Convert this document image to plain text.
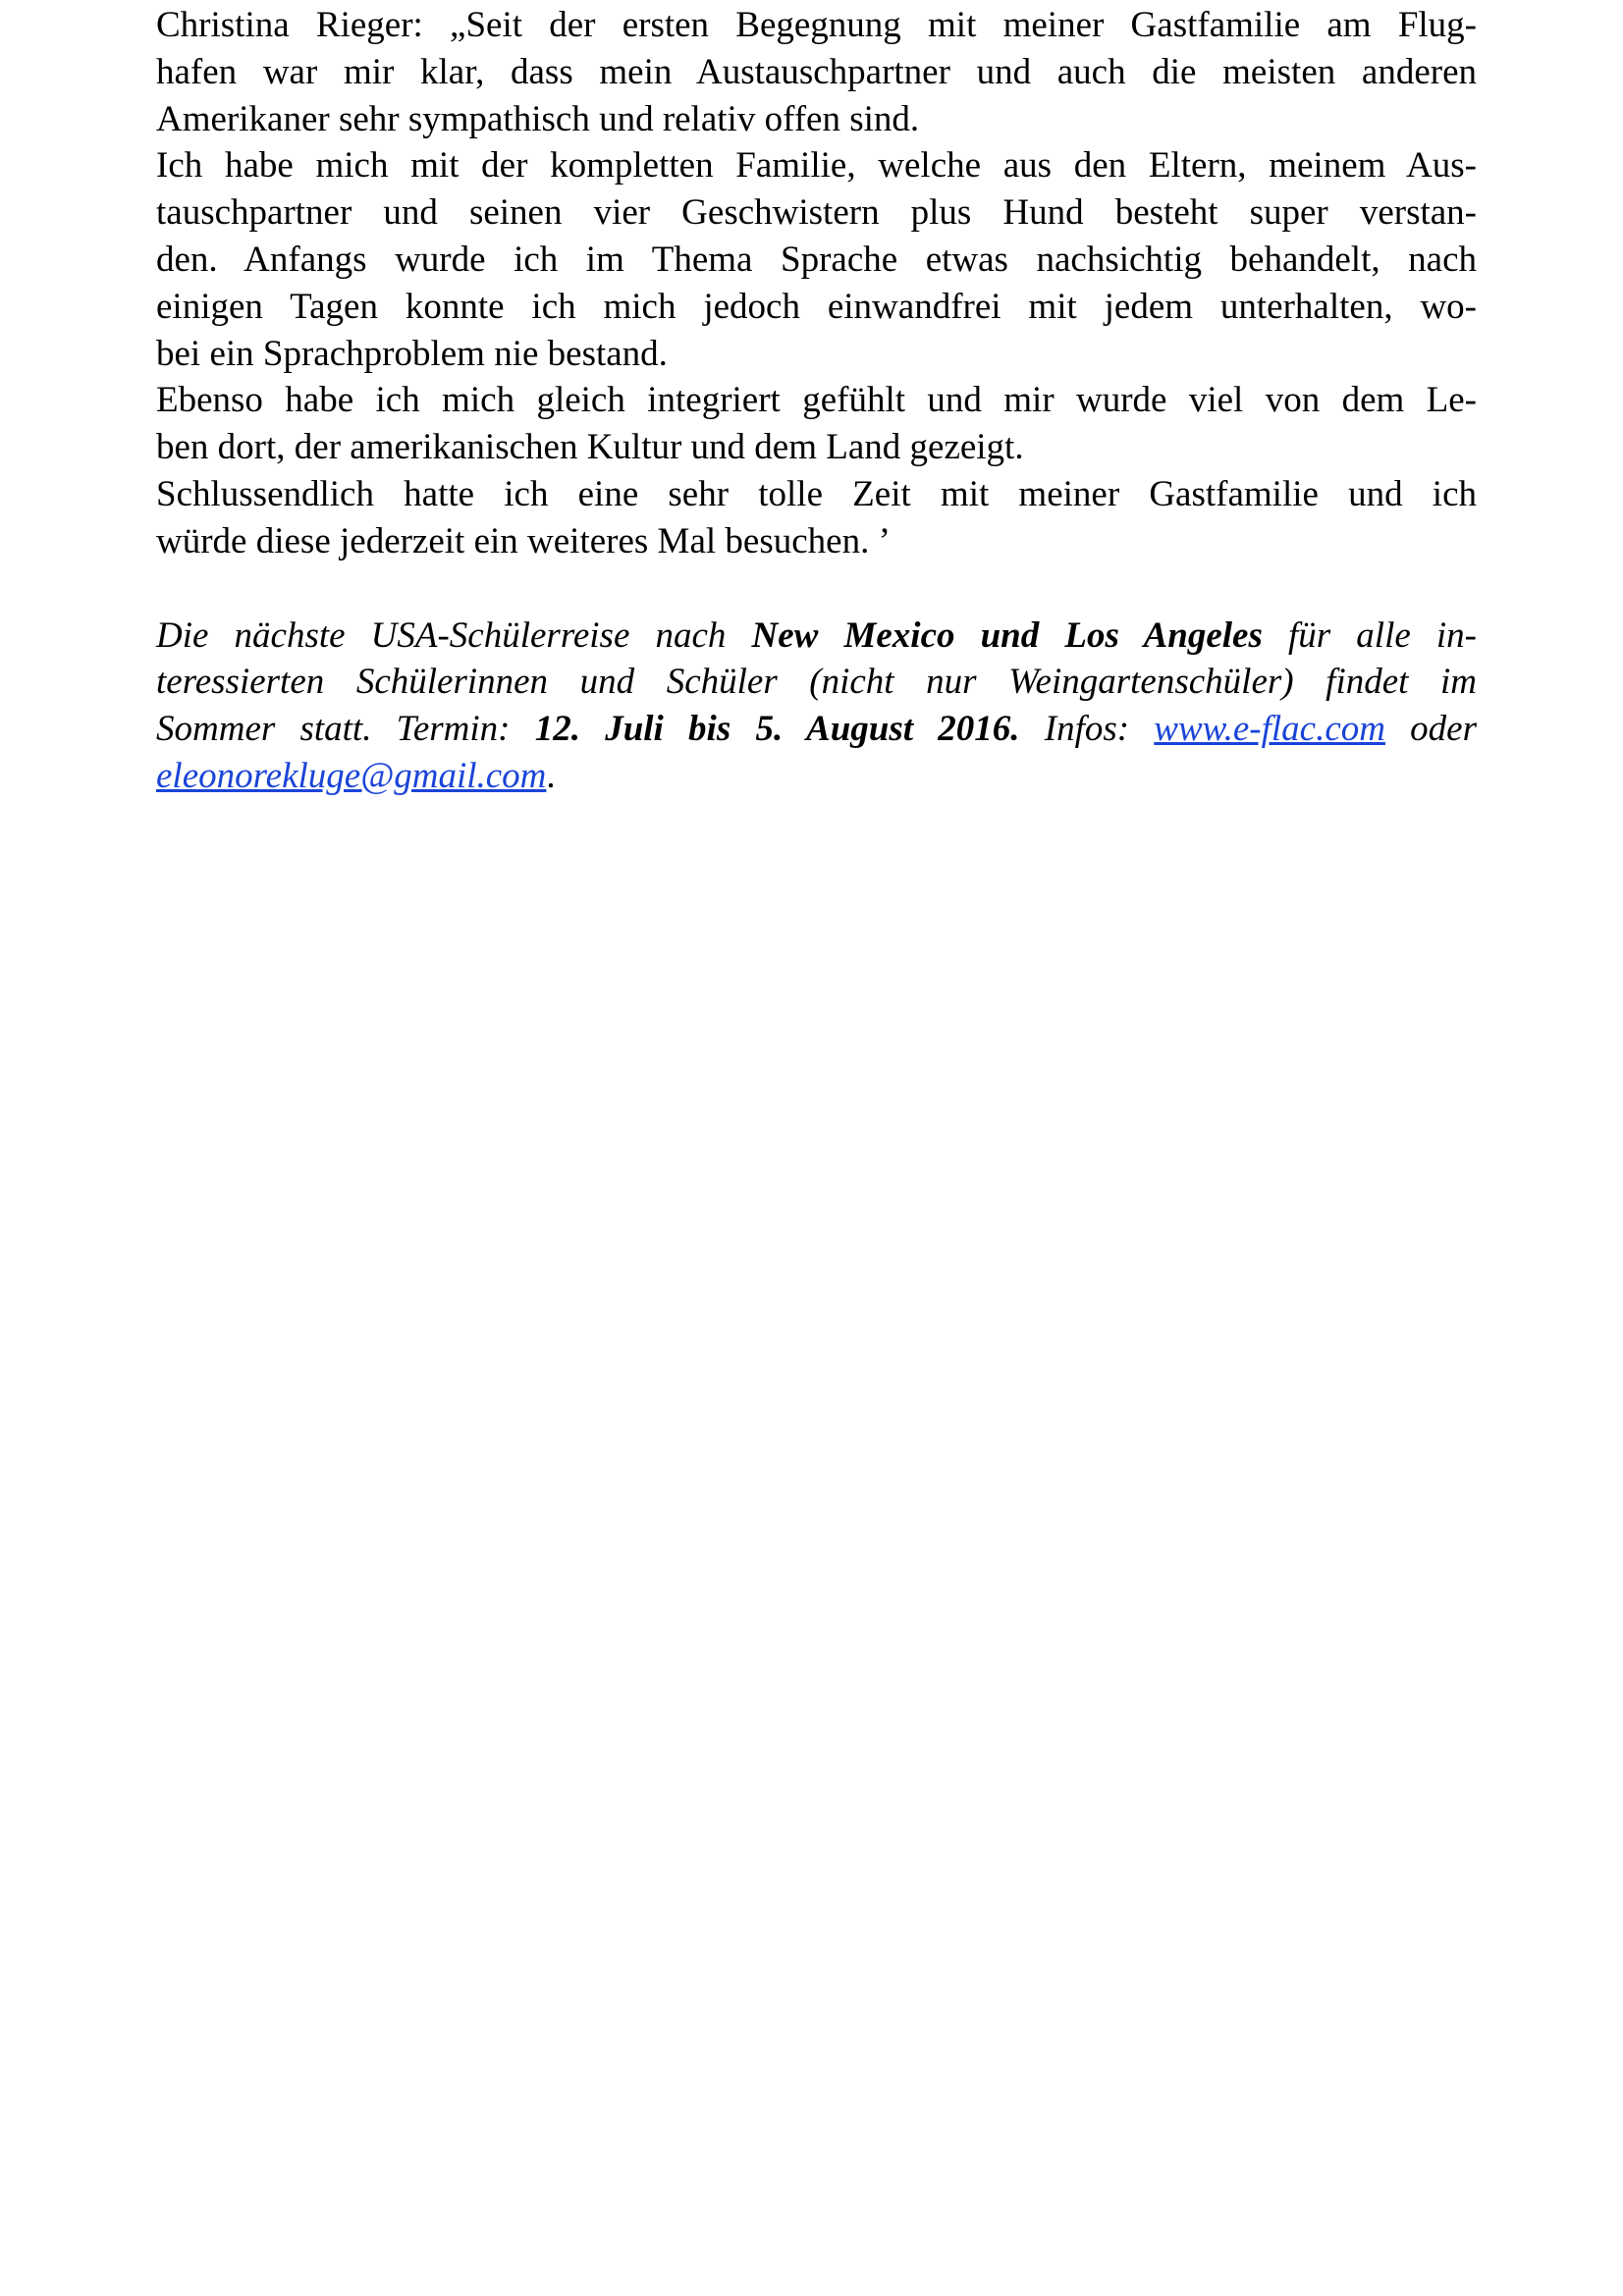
Christina Rieger: „Seit der ersten Begegnung mit meiner Gastfamilie am Flug-
hafen war mir klar, dass mein Austauschpartner und auch die meisten anderen
Amerikaner sehr sympathisch und relativ offen sind.
Ich habe mich mit der kompletten Familie, welche aus den Eltern, meinem Aus-
tauschpartner und seinen vier Geschwistern plus Hund besteht super verstan-
den. Anfangs wurde ich im Thema Sprache etwas nachsichtig behandelt, nach
einigen Tagen konnte ich mich jedoch einwandfrei mit jedem unterhalten, wo-
bei ein Sprachproblem nie bestand.
Ebenso habe ich mich gleich integriert gefühlt und mir wurde viel von dem Le-
ben dort, der amerikanischen Kultur und dem Land gezeigt.
Schlussendlich hatte ich eine sehr tolle Zeit mit meiner Gastfamilie und ich
würde diese jederzeit ein weiteres Mal besuchen. ’
Die nächste USA-Schülerreise nach New Mexico und Los Angeles für alle in-
teressierten Schülerinnen und Schüler (nicht nur Weingartenschüler) findet im
Sommer statt. Termin: 12. Juli bis 5. August 2016. Infos: www.e-flac.com oder
eleonorekluge@gmail.com.
